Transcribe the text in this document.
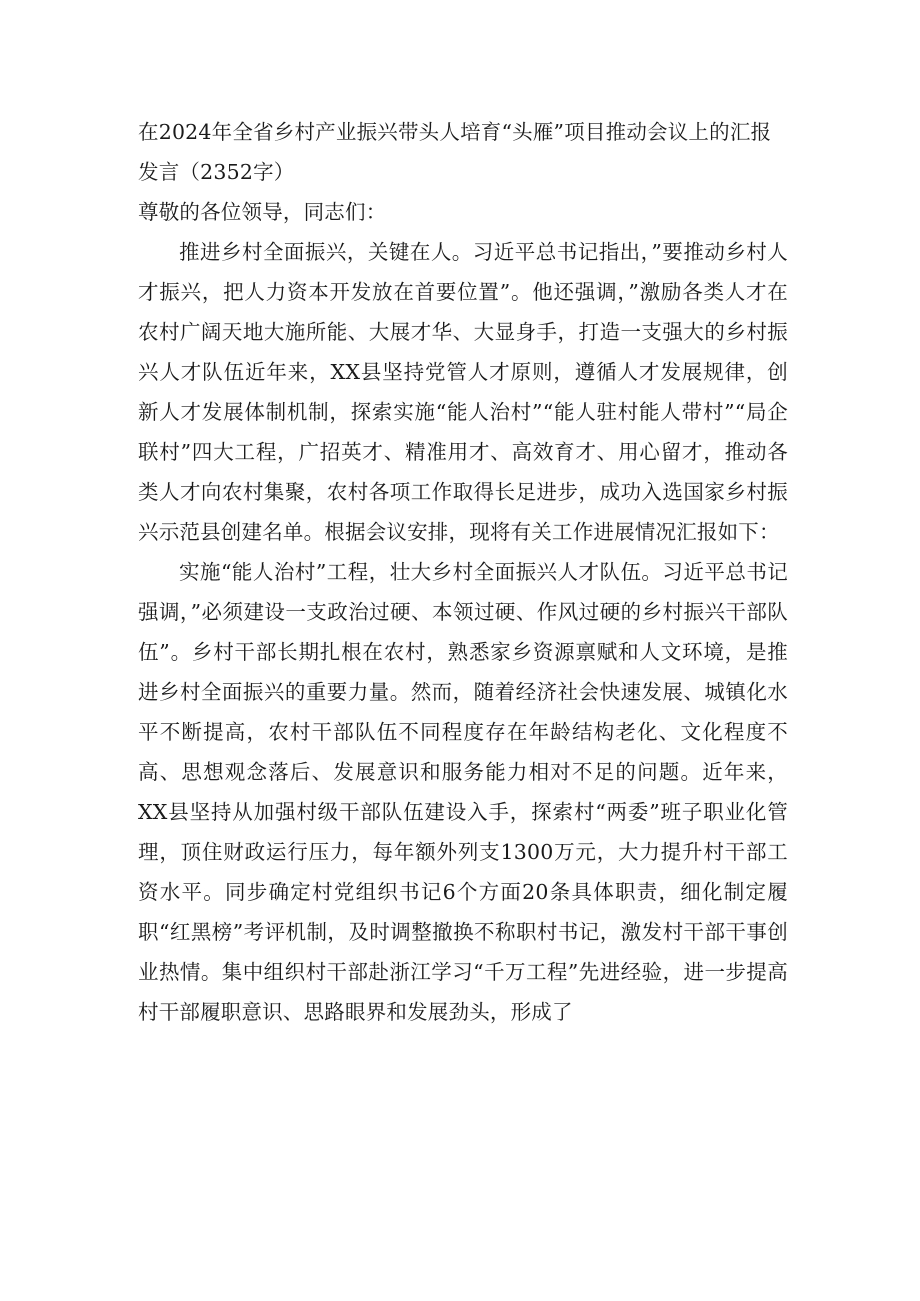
在2024年全省乡村产业振兴带头人培育“头雁”项目推动会议上的汇报发言（2352字）

尊敬的各位领导，同志们：

推进乡村全面振兴，关键在人。习近平总书记指出，”要推动乡村人才振兴，把人力资本开发放在首要位置”。他还强调，”激励各类人才在农村广阔天地大施所能、大展才华、大显身手，打造一支强大的乡村振兴人才队伍近年来，XX县坚持党管人才原则，遵循人才发展规律，创新人才发展体制机制，探索实施“能人治村”“能人驻村能人带村”“局企联村”四大工程，广招英才、精准用才、高效育才、用心留才，推动各类人才向农村集聚，农村各项工作取得长足进步，成功入选国家乡村振兴示范县创建名单。根据会议安排，现将有关工作进展情况汇报如下：

实施“能人治村”工程，壮大乡村全面振兴人才队伍。习近平总书记强调，”必须建设一支政治过硬、本领过硬、作风过硬的乡村振兴干部队伍”。乡村干部长期扎根在农村，熟悉家乡资源禀赋和人文环境，是推进乡村全面振兴的重要力量。然而，随着经济社会快速发展、城镇化水平不断提高，农村干部队伍不同程度存在年龄结构老化、文化程度不高、思想观念落后、发展意识和服务能力相对不足的问题。近年来，XX县坚持从加强村级干部队伍建设入手，探索村“两委”班子职业化管理，顶住财政运行压力，每年额外列支1300万元，大力提升村干部工资水平。同步确定村党组织书记6个方面20条具体职责，细化制定履职“红黑榜”考评机制，及时调整撤换不称职村书记，激发村干部干事创业热情。集中组织村干部赴浙江学习“千万工程”先进经验，进一步提高村干部履职意识、思路眼界和发展劲头，形成了
